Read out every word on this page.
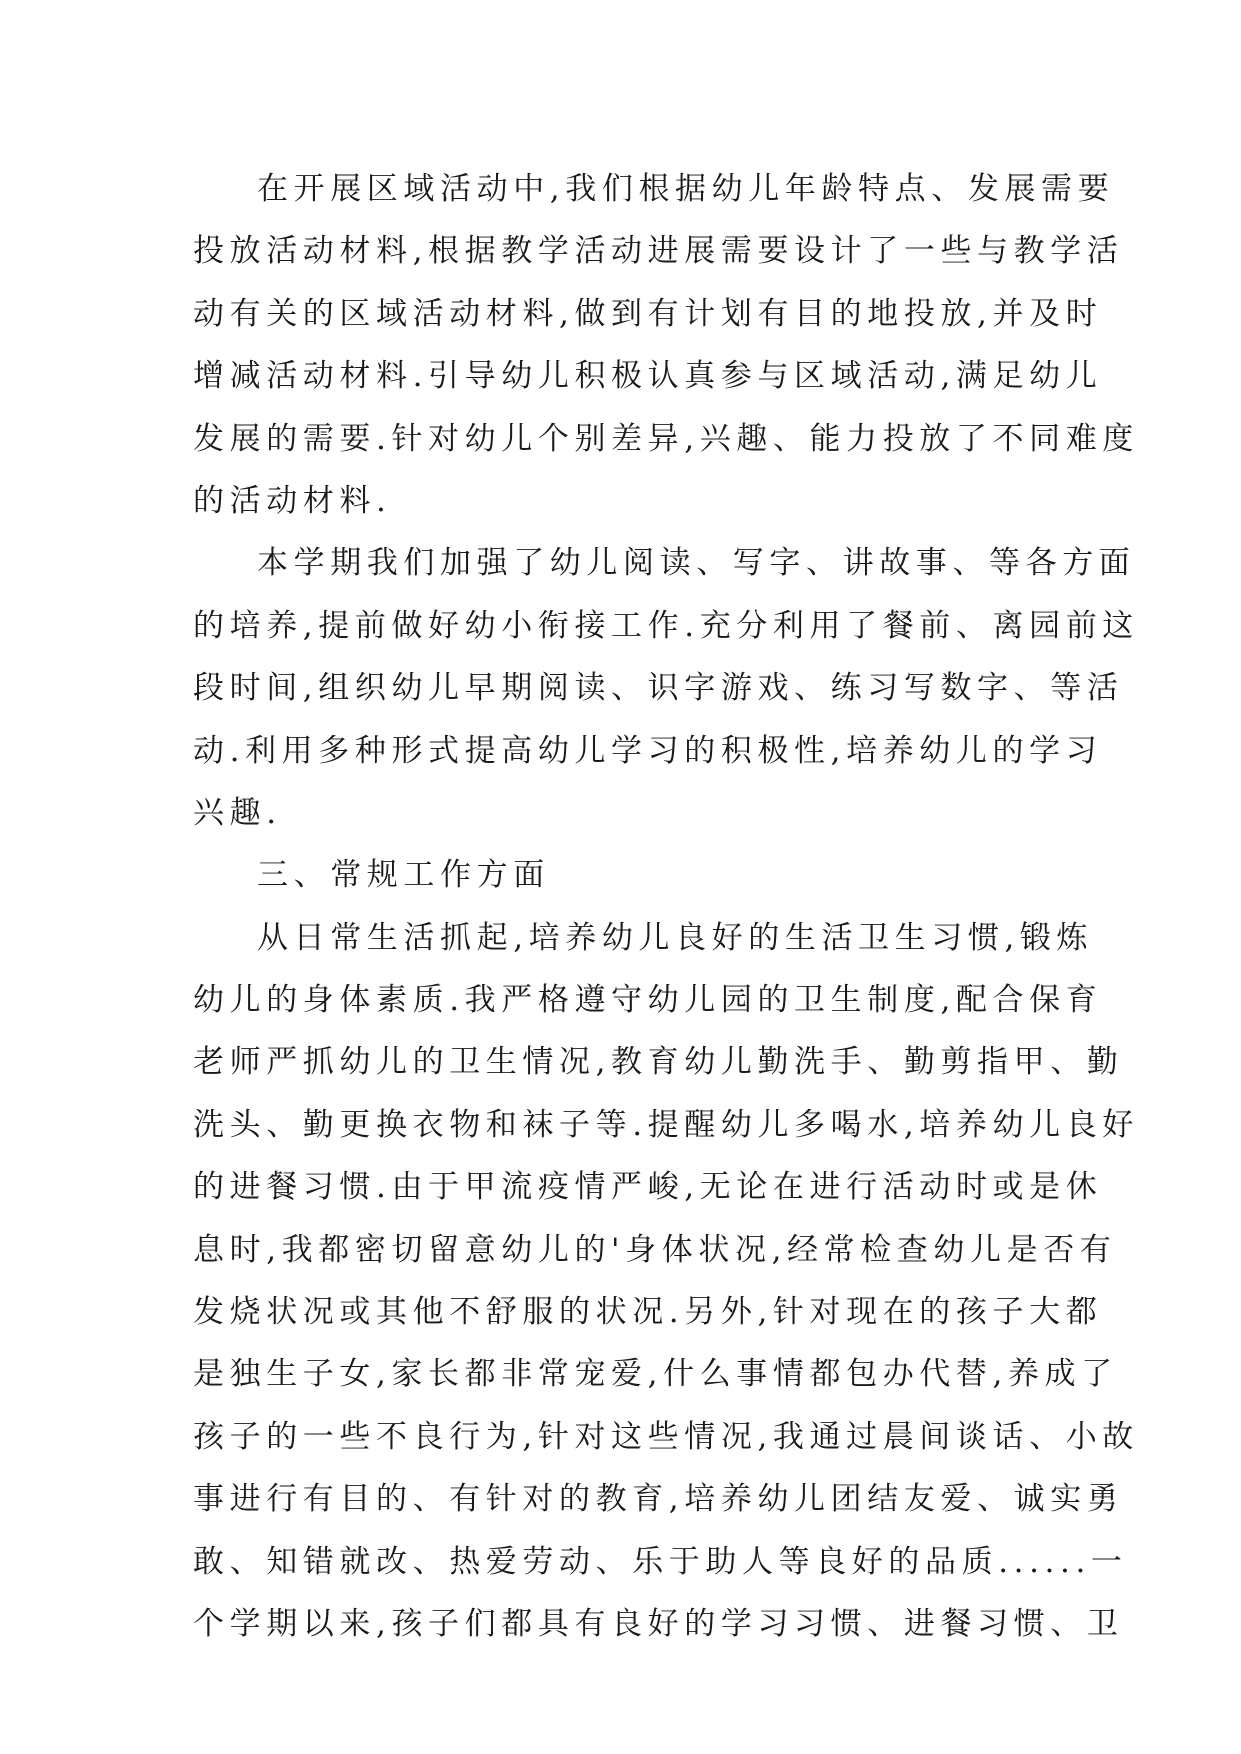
在开展区域活动中,我们根据幼儿年龄特点、发展需要
投放活动材料,根据教学活动进展需要设计了一些与教学活
动有关的区域活动材料,做到有计划有目的地投放,并及时
增减活动材料.引导幼儿积极认真参与区域活动,满足幼儿
发展的需要.针对幼儿个别差异,兴趣、能力投放了不同难度
的活动材料.
本学期我们加强了幼儿阅读、写字、讲故事、等各方面
的培养,提前做好幼小衔接工作.充分利用了餐前、离园前这
段时间,组织幼儿早期阅读、识字游戏、练习写数字、等活
动.利用多种形式提高幼儿学习的积极性,培养幼儿的学习
兴趣.
三、常规工作方面
从日常生活抓起,培养幼儿良好的生活卫生习惯,锻炼
幼儿的身体素质.我严格遵守幼儿园的卫生制度,配合保育
老师严抓幼儿的卫生情况,教育幼儿勤洗手、勤剪指甲、勤
洗头、勤更换衣物和袜子等.提醒幼儿多喝水,培养幼儿良好
的进餐习惯.由于甲流疫情严峻,无论在进行活动时或是休
息时,我都密切留意幼儿的'身体状况,经常检查幼儿是否有
发烧状况或其他不舒服的状况.另外,针对现在的孩子大都
是独生子女,家长都非常宠爱,什么事情都包办代替,养成了
孩子的一些不良行为,针对这些情况,我通过晨间谈话、小故
事进行有目的、有针对的教育,培养幼儿团结友爱、诚实勇
敢、知错就改、热爱劳动、乐于助人等良好的品质......一
个学期以来,孩子们都具有良好的学习习惯、进餐习惯、卫
